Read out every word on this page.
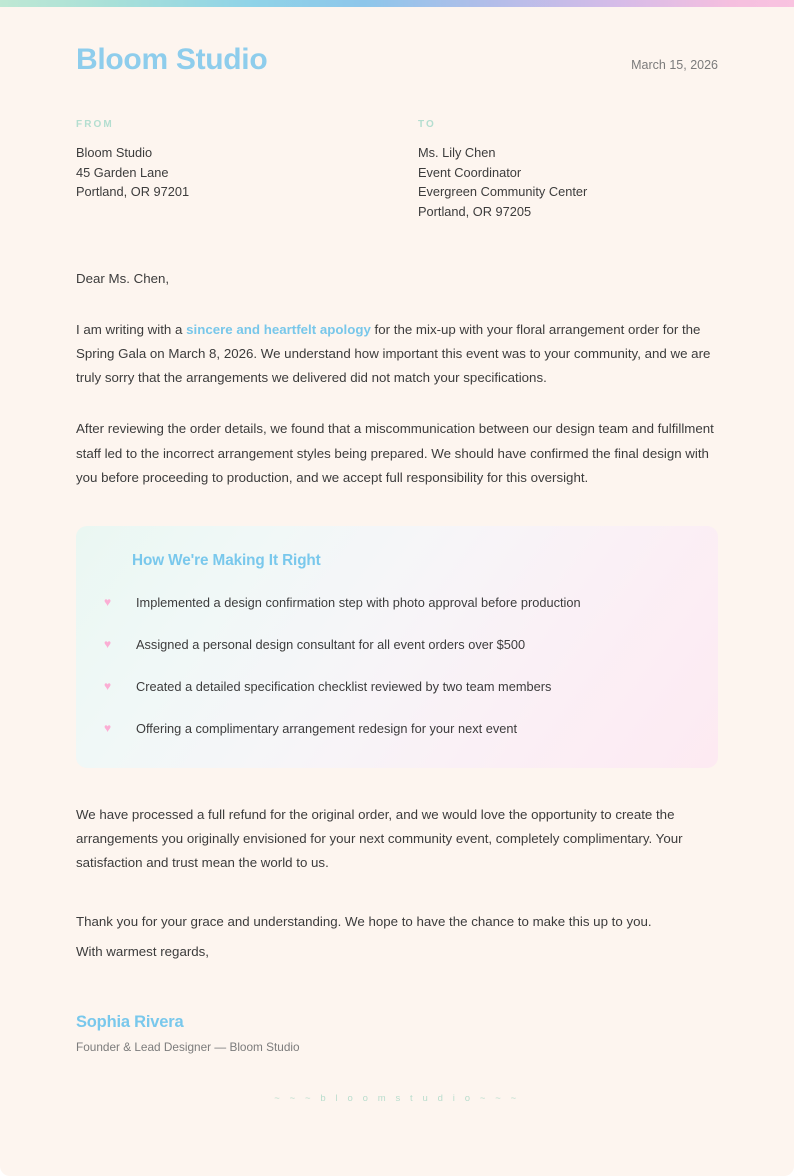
Bloom Studio	March 15, 2026
FROM
Bloom Studio
45 Garden Lane
Portland, OR 97201
TO
Ms. Lily Chen
Event Coordinator
Evergreen Community Center
Portland, OR 97205
Dear Ms. Chen,

I am writing with a sincere and heartfelt apology for the mix-up with your floral arrangement order for the Spring Gala on March 8, 2026. We understand how important this event was to your community, and we are truly sorry that the arrangements we delivered did not match your specifications.

After reviewing the order details, we found that a miscommunication between our design team and fulfillment staff led to the incorrect arrangement styles being prepared. We should have confirmed the final design with you before proceeding to production, and we accept full responsibility for this oversight.

How We're Making It Right
♥	Implemented a design confirmation step with photo approval before production
♥	Assigned a personal design consultant for all event orders over $500
♥	Created a detailed specification checklist reviewed by two team members
♥	Offering a complimentary arrangement redesign for your next event

We have processed a full refund for the original order, and we would love the opportunity to create the arrangements you originally envisioned for your next community event, completely complimentary. Your satisfaction and trust mean the world to us.

Thank you for your grace and understanding. We hope to have the chance to make this up to you.
With warmest regards,
Sophia Rivera
Founder & Lead Designer — Bloom Studio
~ ~ ~ b l o o m s t u d i o ~ ~ ~
